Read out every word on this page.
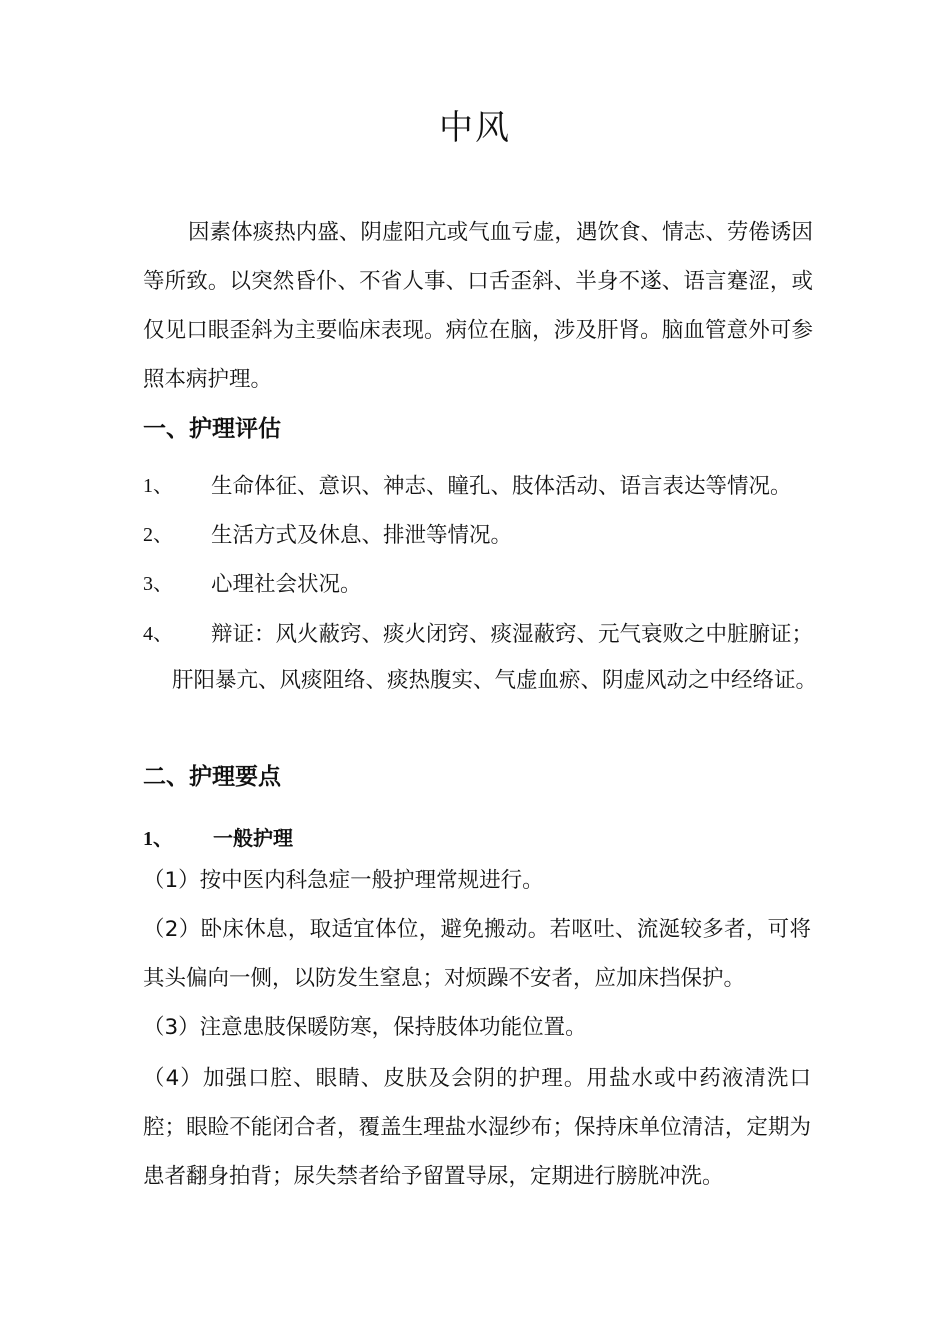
中风
因素体痰热内盛、阴虚阳亢或气血亏虚，遇饮食、情志、劳倦诱因等所致。以突然昏仆、不省人事、口舌歪斜、半身不遂、语言蹇涩，或仅见口眼歪斜为主要临床表现。病位在脑，涉及肝肾。脑血管意外可参照本病护理。
一、护理评估
1、 生命体征、意识、神志、瞳孔、肢体活动、语言表达等情况。
2、 生活方式及休息、排泄等情况。
3、 心理社会状况。
4、 辩证：风火蔽窍、痰火闭窍、痰湿蔽窍、元气衰败之中脏腑证；
肝阳暴亢、风痰阻络、痰热腹实、气虚血瘀、阴虚风动之中经络证。
二、护理要点
1、 一般护理
（1）按中医内科急症一般护理常规进行。
（2）卧床休息，取适宜体位，避免搬动。若呕吐、流涎较多者，可将其头偏向一侧，以防发生窒息；对烦躁不安者，应加床挡保护。
（3）注意患肢保暖防寒，保持肢体功能位置。
（4）加强口腔、眼睛、皮肤及会阴的护理。用盐水或中药液清洗口腔；眼睑不能闭合者，覆盖生理盐水湿纱布；保持床单位清洁，定期为患者翻身拍背；尿失禁者给予留置导尿，定期进行膀胱冲洗。
